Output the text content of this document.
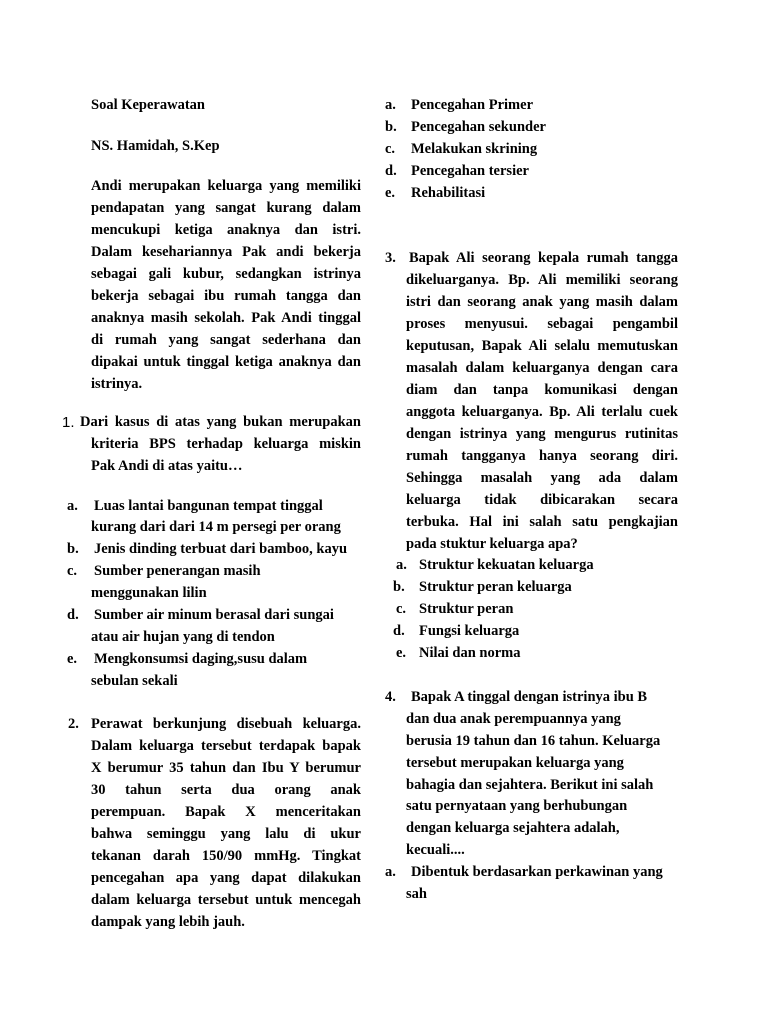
Soal Keperawatan
NS. Hamidah, S.Kep
Andi merupakan keluarga yang memiliki
pendapatan yang sangat kurang dalam
mencukupi ketiga anaknya dan istri.
Dalam kesehariannya Pak andi bekerja
sebagai gali kubur, sedangkan istrinya
bekerja sebagai ibu rumah tangga dan
anaknya masih sekolah. Pak Andi tinggal
di rumah yang sangat sederhana dan
dipakai untuk tinggal ketiga anaknya dan
istrinya.
1. Dari kasus di atas yang bukan merupakan
kriteria BPS terhadap keluarga miskin
Pak Andi di atas yaitu…
a. Luas lantai bangunan tempat tinggal
kurang dari dari 14 m persegi per orang
b. Jenis dinding terbuat dari bamboo, kayu
c. Sumber penerangan masih
menggunakan lilin
d. Sumber air minum berasal dari sungai
atau air hujan yang di tendon
e. Mengkonsumsi daging,susu dalam
sebulan sekali
2. Perawat berkunjung disebuah keluarga.
Dalam keluarga tersebut terdapak bapak
X berumur 35 tahun dan Ibu Y berumur
30 tahun serta dua orang anak
perempuan. Bapak X menceritakan
bahwa seminggu yang lalu di ukur
tekanan darah 150/90 mmHg. Tingkat
pencegahan apa yang dapat dilakukan
dalam keluarga tersebut untuk mencegah
dampak yang lebih jauh.
a. Pencegahan Primer
b. Pencegahan sekunder
c. Melakukan skrining
d. Pencegahan tersier
e. Rehabilitasi
3. Bapak Ali seorang kepala rumah tangga
dikeluarganya. Bp. Ali memiliki seorang
istri dan seorang anak yang masih dalam
proses menyusui. sebagai pengambil
keputusan, Bapak Ali selalu memutuskan
masalah dalam keluarganya dengan cara
diam dan tanpa komunikasi dengan
anggota keluarganya. Bp. Ali terlalu cuek
dengan istrinya yang mengurus rutinitas
rumah tangganya hanya seorang diri.
Sehingga masalah yang ada dalam
keluarga tidak dibicarakan secara
terbuka. Hal ini salah satu pengkajian
pada stuktur keluarga apa?
a. Struktur kekuatan keluarga
b. Struktur peran keluarga
c. Struktur peran
d. Fungsi keluarga
e. Nilai dan norma
4. Bapak A tinggal dengan istrinya ibu B
dan dua anak perempuannya yang
berusia 19 tahun dan 16 tahun. Keluarga
tersebut merupakan keluarga yang
bahagia dan sejahtera. Berikut ini salah
satu pernyataan yang berhubungan
dengan keluarga sejahtera adalah,
kecuali....
a. Dibentuk berdasarkan perkawinan yang
sah
